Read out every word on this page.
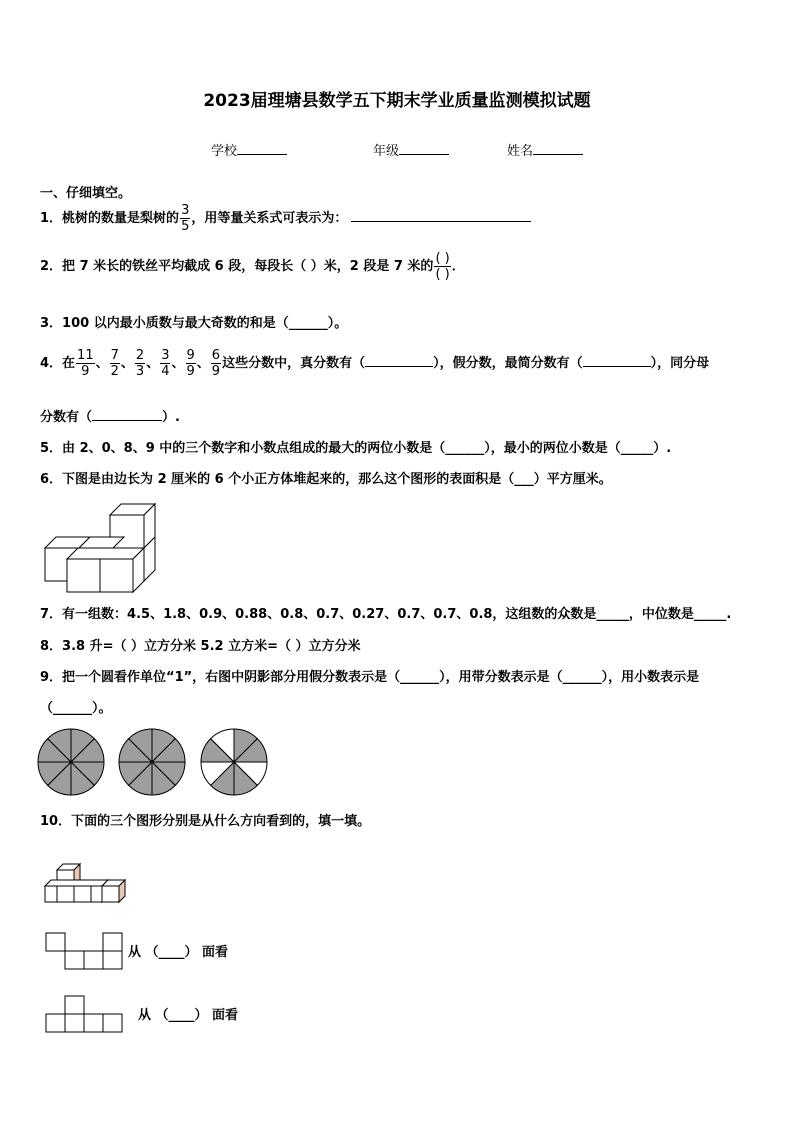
2023届理塘县数学五下期末学业质量监测模拟试题
学校	年级	姓名
一、仔细填空。
1．桃树的数量是梨树的 $\frac{3}{5}$ ，用等量关系式可表示为：
2．把 7 米长的铁丝平均截成 6 段，每段长（ ）米，2 段是 7 米的 $\frac{( )}{( )}$ ．
3．100 以内最小质数与最大奇数的和是（______）。
4．在 $\frac{11}{9}$ 、 $\frac{7}{2}$ 、 $\frac{2}{3}$ 、 $\frac{3}{4}$ 、 $\frac{9}{9}$ 、 $\frac{6}{9}$ 这些分数中，真分数有（	），假分数，最简分数有（	），同分母
分数有（	）.
5．由 2、0、8、9 中的三个数字和小数点组成的最大的两位小数是（______），最小的两位小数是（_____）.
6．下图是由边长为 2 厘米的 6 个小正方体堆起来的，那么这个图形的表面积是（___）平方厘米。
7．有一组数：4.5、1.8、0.9、0.88、0.8、0.7、0.27、0.7、0.7、0.8，这组数的众数是_____，中位数是_____.
8．3.8 升=（ ）立方分米 5.2 立方米=（ ）立方分米
9．把一个圆看作单位“1”，右图中阴影部分用假分数表示是（______），用带分数表示是（______），用小数表示是
（______）。
10．下面的三个图形分别是从什么方向看到的，填一填。
从 （____） 面看
从 （____） 面看
